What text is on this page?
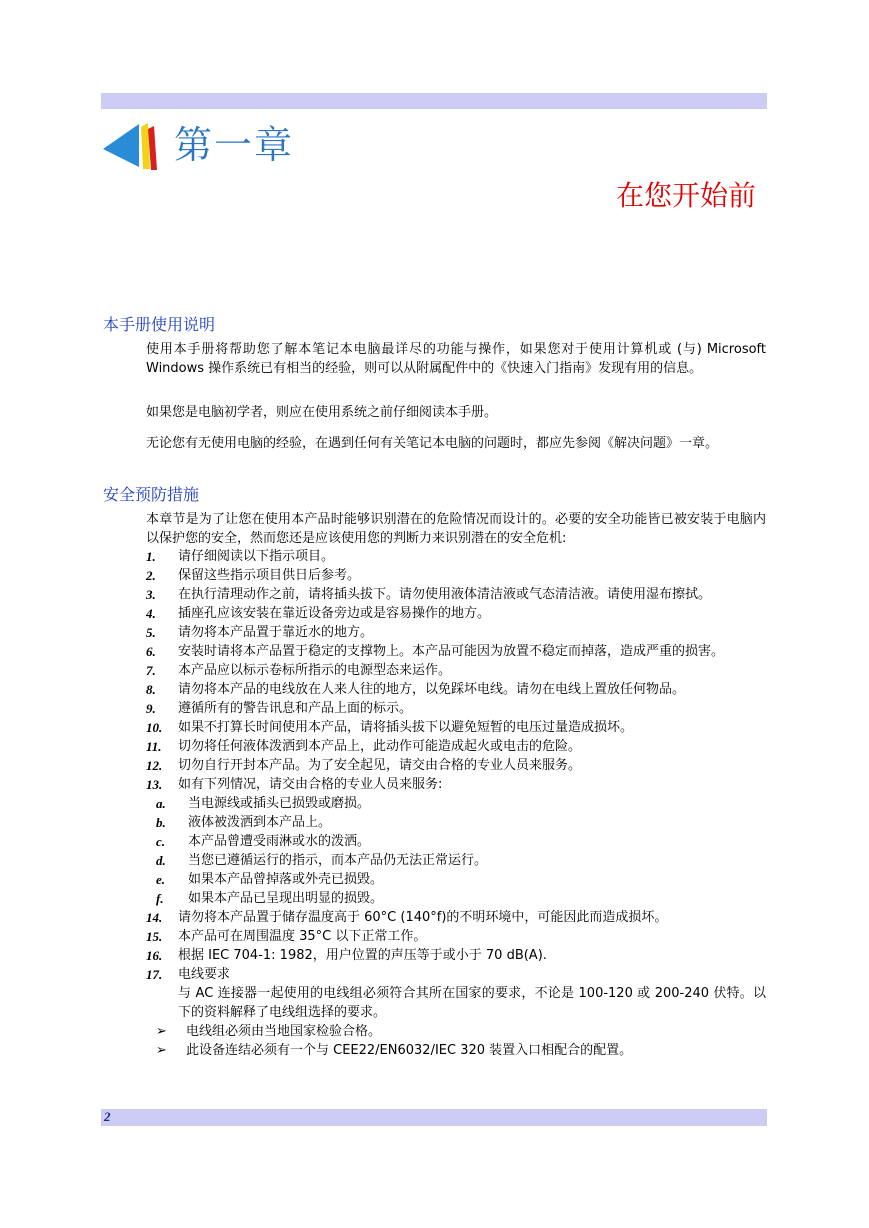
第一章
在您开始前
本手册使用说明
使用本手册将帮助您了解本笔记本电脑最详尽的功能与操作，如果您对于使用计算机或 (与) Microsoft Windows 操作系统已有相当的经验，则可以从附属配件中的《快速入门指南》发现有用的信息。
如果您是电脑初学者，则应在使用系统之前仔细阅读本手册。
无论您有无使用电脑的经验，在遇到任何有关笔记本电脑的问题时，都应先参阅《解决问题》一章。
安全预防措施
本章节是为了让您在使用本产品时能够识别潜在的危险情况而设计的。必要的安全功能皆已被安装于电脑内以保护您的安全，然而您还是应该使用您的判断力来识别潜在的安全危机:
1. 请仔细阅读以下指示项目。
2. 保留这些指示项目供日后参考。
3. 在执行清理动作之前，请将插头拔下。请勿使用液体清洁液或气态清洁液。请使用湿布擦拭。
4. 插座孔应该安装在靠近设备旁边或是容易操作的地方。
5. 请勿将本产品置于靠近水的地方。
6. 安装时请将本产品置于稳定的支撑物上。本产品可能因为放置不稳定而掉落，造成严重的损害。
7. 本产品应以标示卷标所指示的电源型态来运作。
8. 请勿将本产品的电线放在人来人往的地方，以免踩坏电线。请勿在电线上置放任何物品。
9. 遵循所有的警告讯息和产品上面的标示。
10. 如果不打算长时间使用本产品，请将插头拔下以避免短暂的电压过量造成损坏。
11. 切勿将任何液体泼洒到本产品上，此动作可能造成起火或电击的危险。
12. 切勿自行开封本产品。为了安全起见，请交由合格的专业人员来服务。
13. 如有下列情况，请交由合格的专业人员来服务:
a. 当电源线或插头已损毁或磨损。
b. 液体被泼洒到本产品上。
c. 本产品曾遭受雨淋或水的泼洒。
d. 当您已遵循运行的指示，而本产品仍无法正常运行。
e. 如果本产品曾掉落或外壳已损毁。
f. 如果本产品已呈现出明显的损毁。
14. 请勿将本产品置于储存温度高于 60°C (140°f)的不明环境中，可能因此而造成损坏。
15. 本产品可在周围温度 35°C 以下正常工作。
16. 根据 IEC 704-1: 1982，用户位置的声压等于或小于 70 dB(A).
17. 电线要求
与 AC 连接器一起使用的电线组必须符合其所在国家的要求，不论是 100-120 或 200-240 伏特。以下的资料解释了电线组选择的要求。
➢ 电线组必须由当地国家检验合格。
➢ 此设备连结必须有一个与 CEE22/EN6032/IEC 320 装置入口相配合的配置。
2
